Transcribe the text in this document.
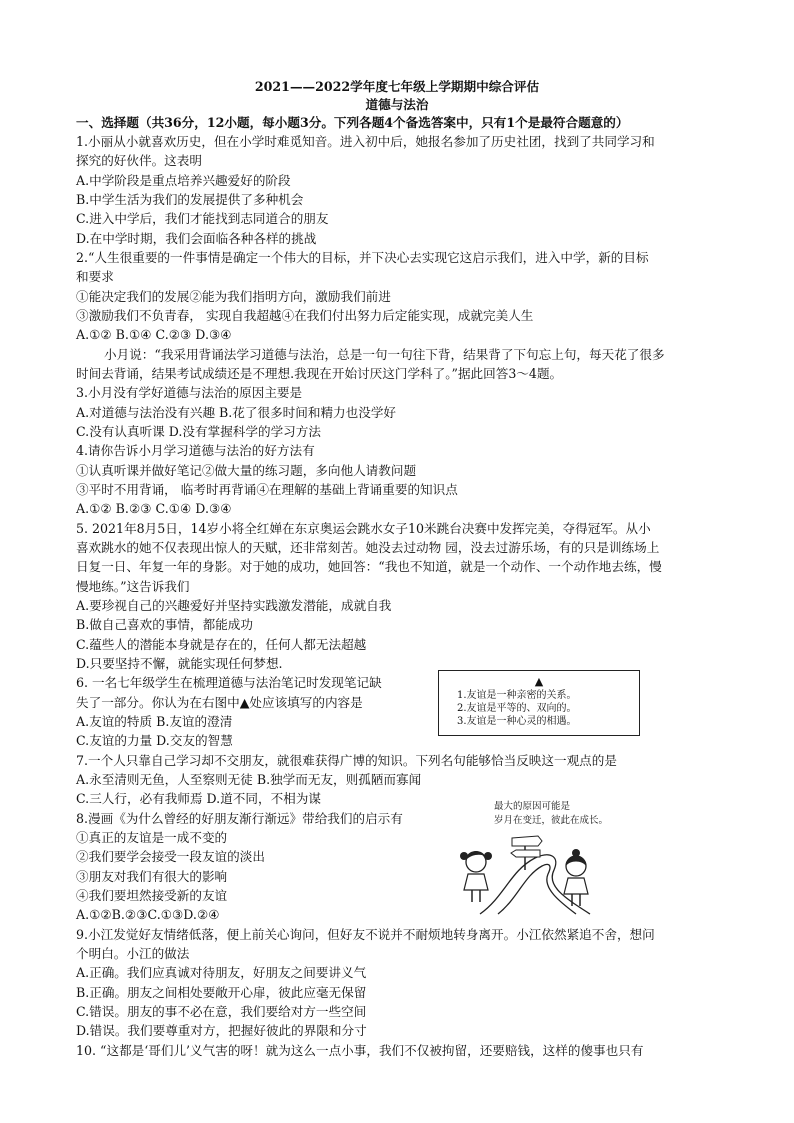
2021——2022学年度七年级上学期期中综合评估
道德与法治
一、选择题（共36分，12小题，每小题3分。下列各题4个备选答案中，只有1个是最符合题意的）
1.小丽从小就喜欢历史，但在小学时难觅知音。进入初中后，她报名参加了历史社团，找到了共同学习和
探究的好伙伴。这表明
A.中学阶段是重点培养兴趣爱好的阶段
B.中学生活为我们的发展提供了多种机会
C.进入中学后，我们才能找到志同道合的朋友
D.在中学时期，我们会面临各种各样的挑战
2.“人生很重要的一件事情是确定一个伟大的目标，并下决心去实现它这启示我们，进入中学，新的目标
和要求
①能决定我们的发展②能为我们指明方向，激励我们前进
③激励我们不负青春， 实现自我超越④在我们付出努力后定能实现，成就完美人生
A.①② B.①④ C.②③ D.③④
小月说：“我采用背诵法学习道德与法治，总是一句一句往下背，结果背了下句忘上句，每天花了很多
时间去背诵，结果考试成绩还是不理想.我现在开始讨厌这门学科了。”据此回答3～4题。
3.小月没有学好道德与法治的原因主要是
A.对道德与法治没有兴趣 B.花了很多时间和精力也没学好
C.没有认真听课 D.没有掌握科学的学习方法
4.请你告诉小月学习道德与法治的好方法有
①认真听课并做好笔记②做大量的练习题，多向他人请教问题
③平时不用背诵， 临考时再背诵④在理解的基础上背诵重要的知识点
A.①② B.②③ C.①④ D.③④
5. 2021年8月5日，14岁小将全红婵在东京奥运会跳水女子10米跳台决赛中发挥完美，夺得冠军。从小
喜欢跳水的她不仅表现出惊人的天赋，还非常刻苦。她没去过动物 园，没去过游乐场，有的只是训练场上
日复一日、年复一年的身影。对于她的成功，她回答：“我也不知道，就是一个动作、一个动作地去练，慢
慢地练。”这告诉我们
A.要珍视自己的兴趣爱好并坚持实践激发潜能，成就自我
B.做自己喜欢的事情，都能成功
C.蕴些人的潜能本身就是存在的，任何人都无法超越
D.只要坚持不懈，就能实现任何梦想.
6. 一名七年级学生在梳理道德与法治笔记时发现笔记缺
失了一部分。你认为在右图中▲处应该填写的内容是
A.友谊的特质 B.友谊的澄清
C.友谊的力量 D.交友的智慧
▲
1.友谊是一种亲密的关系。
2.友谊是平等的、双向的。
3.友谊是一种心灵的相遇。
7.一个人只靠自己学习却不交朋友，就很难获得广博的知识。下列名句能够恰当反映这一观点的是
A.永至清则无鱼，人至察则无徒 B.独学而无友，则孤陋而寡闻
C.三人行，必有我师焉 D.道不同，不相为谋
8.漫画《为什么曾经的好朋友渐行渐远》带给我们的启示有
①真正的友谊是一成不变的
②我们要学会接受一段友谊的淡出
③朋友对我们有很大的影响
④我们要坦然接受新的友谊
A.①②B.②③C.①③D.②④
最大的原因可能是
岁月在变迁，彼此在成长。
9.小江发觉好友情绪低落，便上前关心询问，但好友不说并不耐烦地转身离开。小江依然紧追不舍，想问
个明白。小江的做法
A.正确。我们应真诚对待朋友，好朋友之间要讲义气
B.正确。朋友之间相处要敞开心扉，彼此应毫无保留
C.错误。朋友的事不必在意，我们要给对方一些空间
D.错误。我们要尊重对方，把握好彼此的界限和分寸
10. “这都是‘哥们儿’义气害的呀！就为这么一点小事，我们不仅被拘留，还要赔钱，这样的傻事也只有
